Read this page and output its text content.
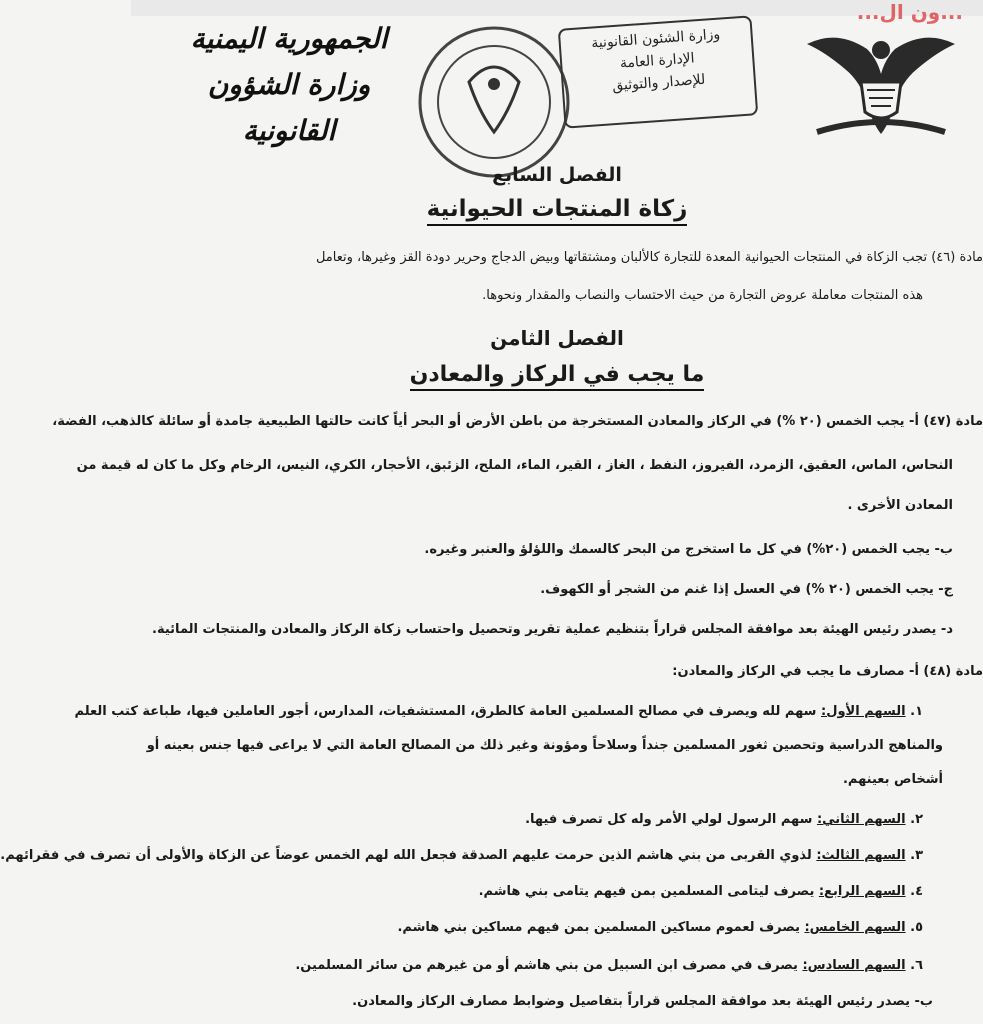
...ون ال...
الجمهورية اليمنية
وزارة الشؤون القانونية
وزارة الشئون القانونية
الإدارة العامة
للإصدار والتوثيق
الفصل السابع
زكاة المنتجات الحيوانية
مادة (٤٦) تجب الزكاة في المنتجات الحيوانية المعدة للتجارة كالألبان ومشتقاتها وبيض الدجاج وحرير دودة القز وغيرها، وتعامل
هذه المنتجات معاملة عروض التجارة من حيث الاحتساب والنصاب والمقدار ونحوها.
الفصل الثامن
ما يجب في الركاز والمعادن
مادة (٤٧) أ- يجب الخمس (٢٠ %) في الركاز والمعادن المستخرجة من باطن الأرض أو البحر أياً كانت حالتها الطبيعية جامدة أو سائلة كالذهب، الفضة،
النحاس، الماس، العقيق، الزمرد، الفيروز، النفط ، الغاز ، القير، الماء، الملح، الزئبق، الأحجار، الكري، النيس، الرخام وكل ما كان له قيمة من
المعادن الأخرى .
ب- يجب الخمس (٢٠%) في كل ما استخرج من البحر كالسمك واللؤلؤ والعنبر وغيره.
ج- يجب الخمس (٢٠ %) في العسل إذا غنم من الشجر أو الكهوف.
د- يصدر رئيس الهيئة بعد موافقة المجلس قراراً بتنظيم عملية تقرير وتحصيل واحتساب زكاة الركاز والمعادن والمنتجات المائية.
مادة (٤٨) أ- مصارف ما يجب في الركاز والمعادن:
١. السهم الأول: سهم لله ويصرف في مصالح المسلمين العامة كالطرق، المستشفيات، المدارس، أجور العاملين فيها، طباعة كتب العلم
والمناهج الدراسية وتحصين ثغور المسلمين جنداً وسلاحاً ومؤونة وغير ذلك من المصالح العامة التي لا يراعى فيها جنس بعينه أو
أشخاص بعينهم.
٢. السهم الثاني: سهم الرسول لولي الأمر وله كل تصرف فيها.
٣. السهم الثالث: لذوي القربى من بني هاشم الذين حرمت عليهم الصدقة فجعل الله لهم الخمس عوضاً عن الزكاة والأولى أن تصرف في فقرائهم.
٤. السهم الرابع: يصرف ليتامى المسلمين بمن فيهم يتامى بني هاشم.
٥. السهم الخامس: يصرف لعموم مساكين المسلمين بمن فيهم مساكين بني هاشم.
٦. السهم السادس: يصرف في مصرف ابن السبيل من بني هاشم أو من غيرهم من سائر المسلمين.
ب- يصدر رئيس الهيئة بعد موافقة المجلس قراراً بتفاصيل وضوابط مصارف الركاز والمعادن.
